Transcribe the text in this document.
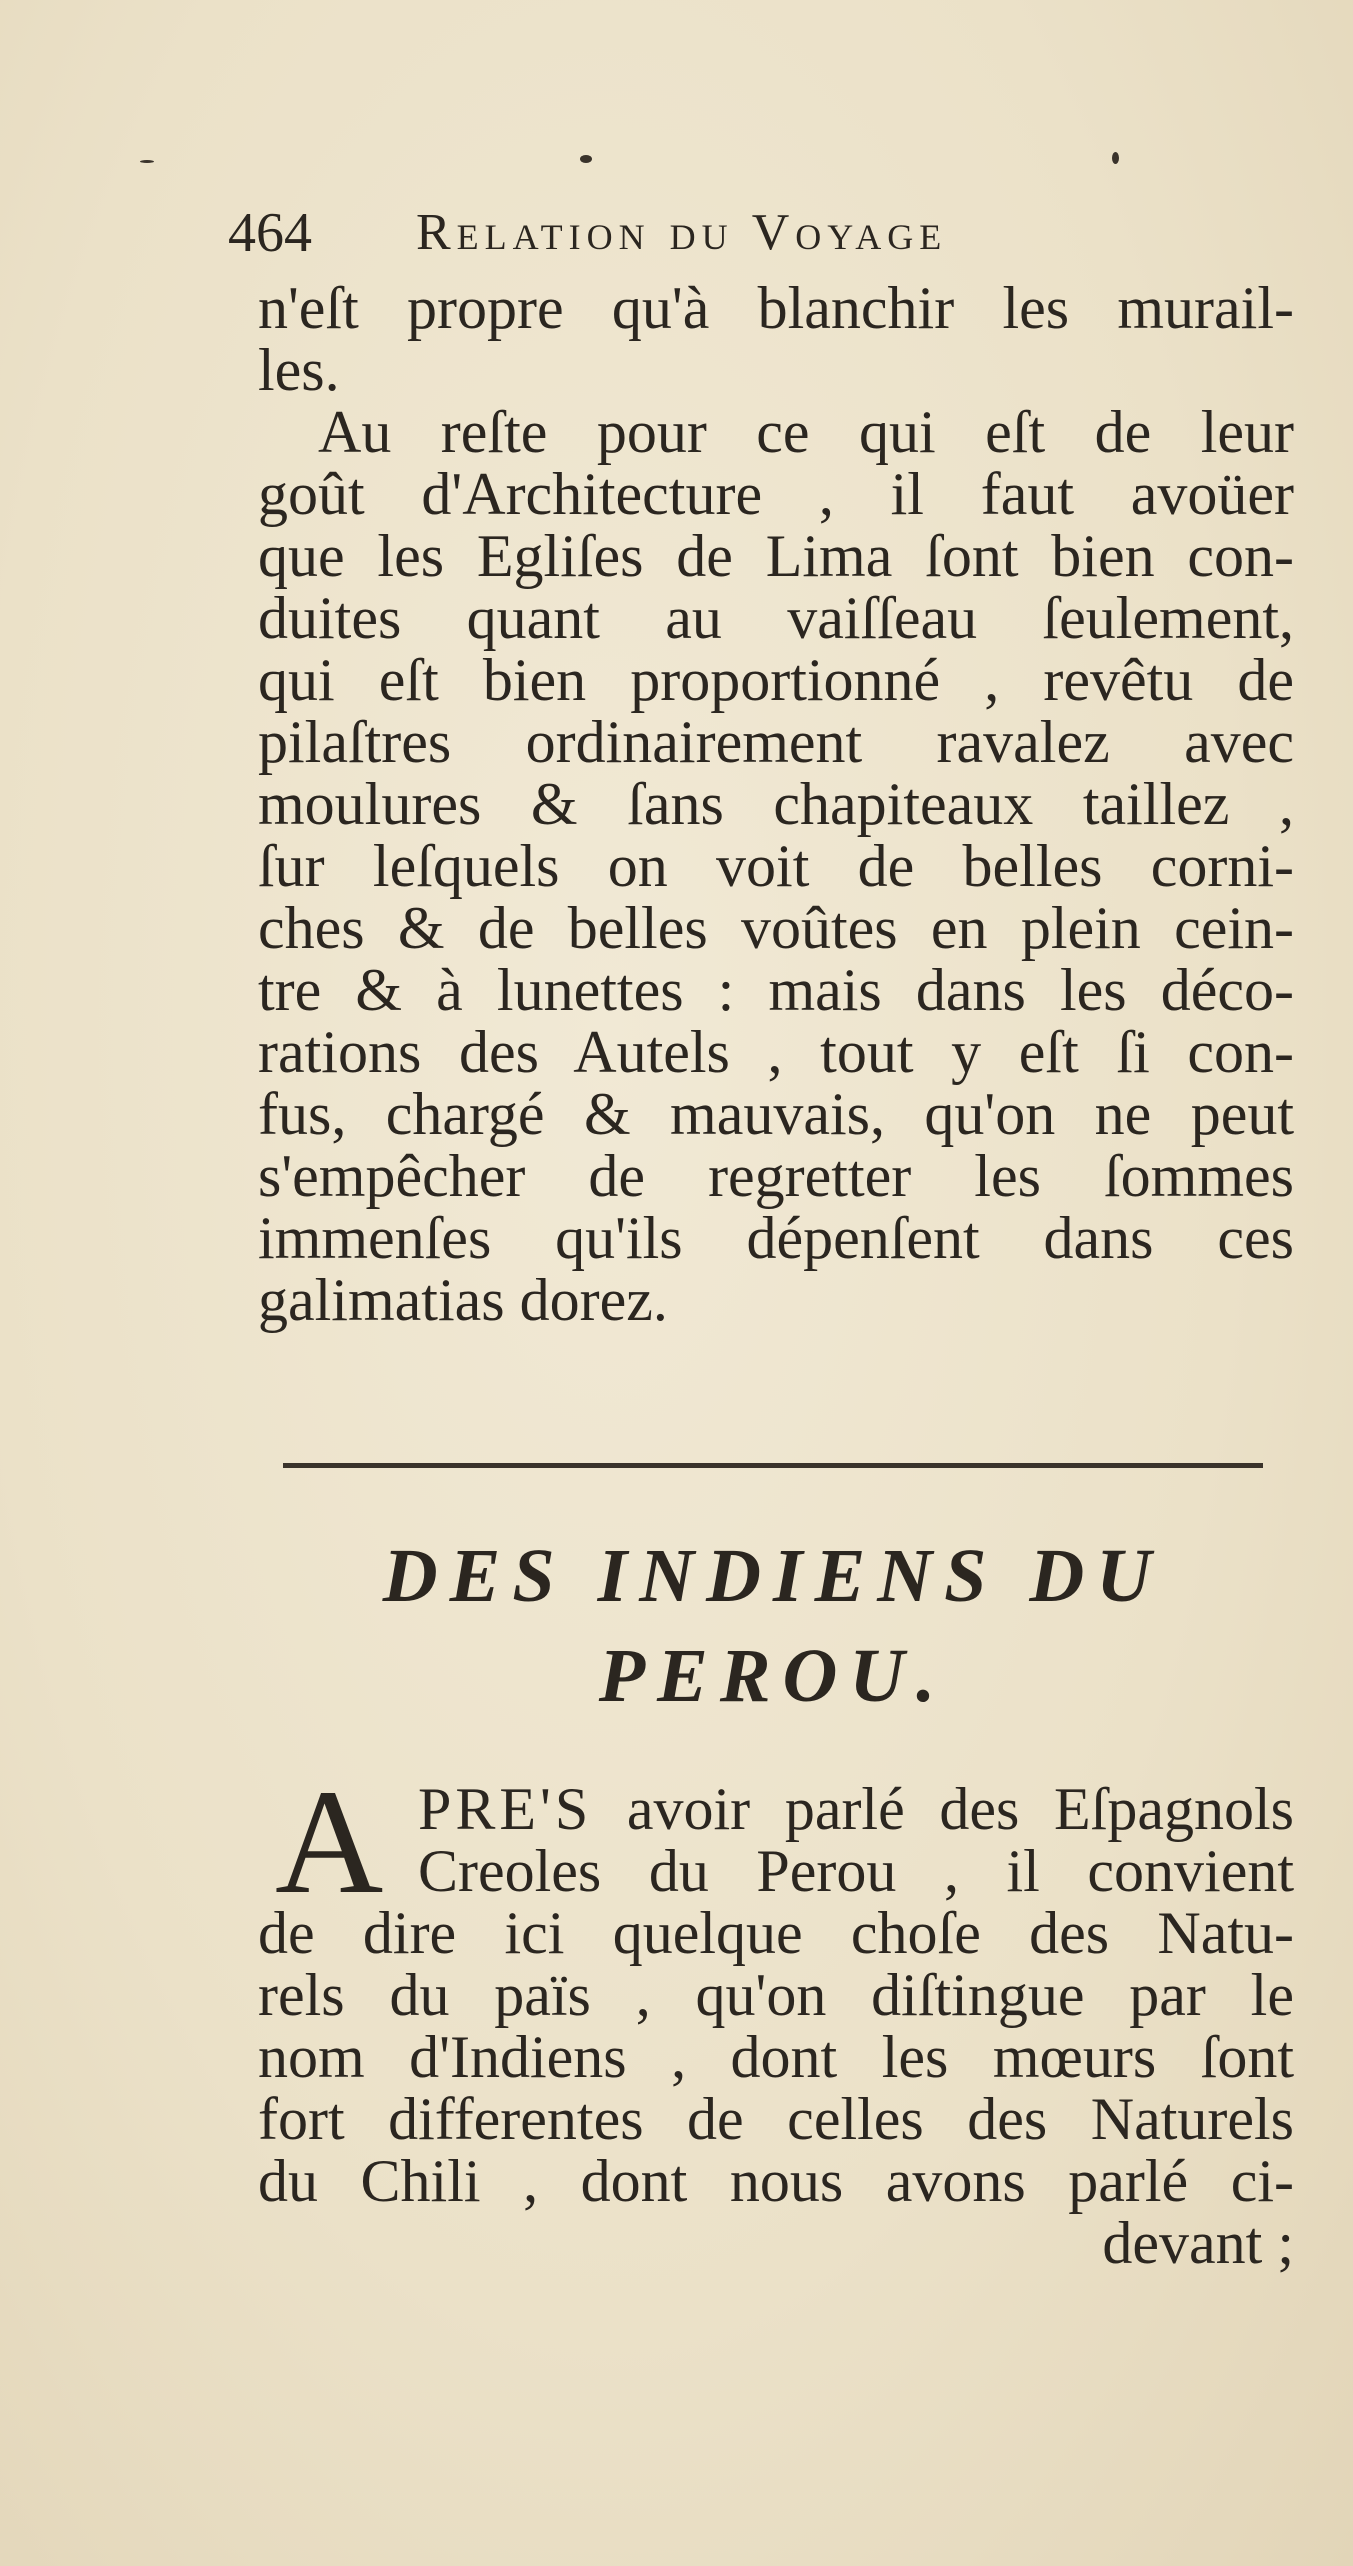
464 Relation du Voyage
n'eſt propre qu'à blanchir les murail-
les.
Au reſte pour ce qui eſt de leur
goût d'Architecture , il faut avoüer
que les Egliſes de Lima ſont bien con-
duites quant au vaiſſeau ſeulement,
qui eſt bien proportionné , revêtu de
pilaſtres ordinairement ravalez avec
moulures & ſans chapiteaux taillez ,
ſur leſquels on voit de belles corni-
ches & de belles voûtes en plein cein-
tre & à lunettes : mais dans les déco-
rations des Autels , tout y eſt ſi con-
fus, chargé & mauvais, qu'on ne peut
s'empêcher de regretter les ſommes
immenſes qu'ils dépenſent dans ces
galimatias dorez.
DES INDIENS DU
PEROU.
A PRE'S avoir parlé des Eſpagnols
Creoles du Perou , il convient
de dire ici quelque choſe des Natu-
rels du païs , qu'on diſtingue par le
nom d'Indiens , dont les mœurs ſont
fort differentes de celles des Naturels
du Chili , dont nous avons parlé ci-
devant ;
